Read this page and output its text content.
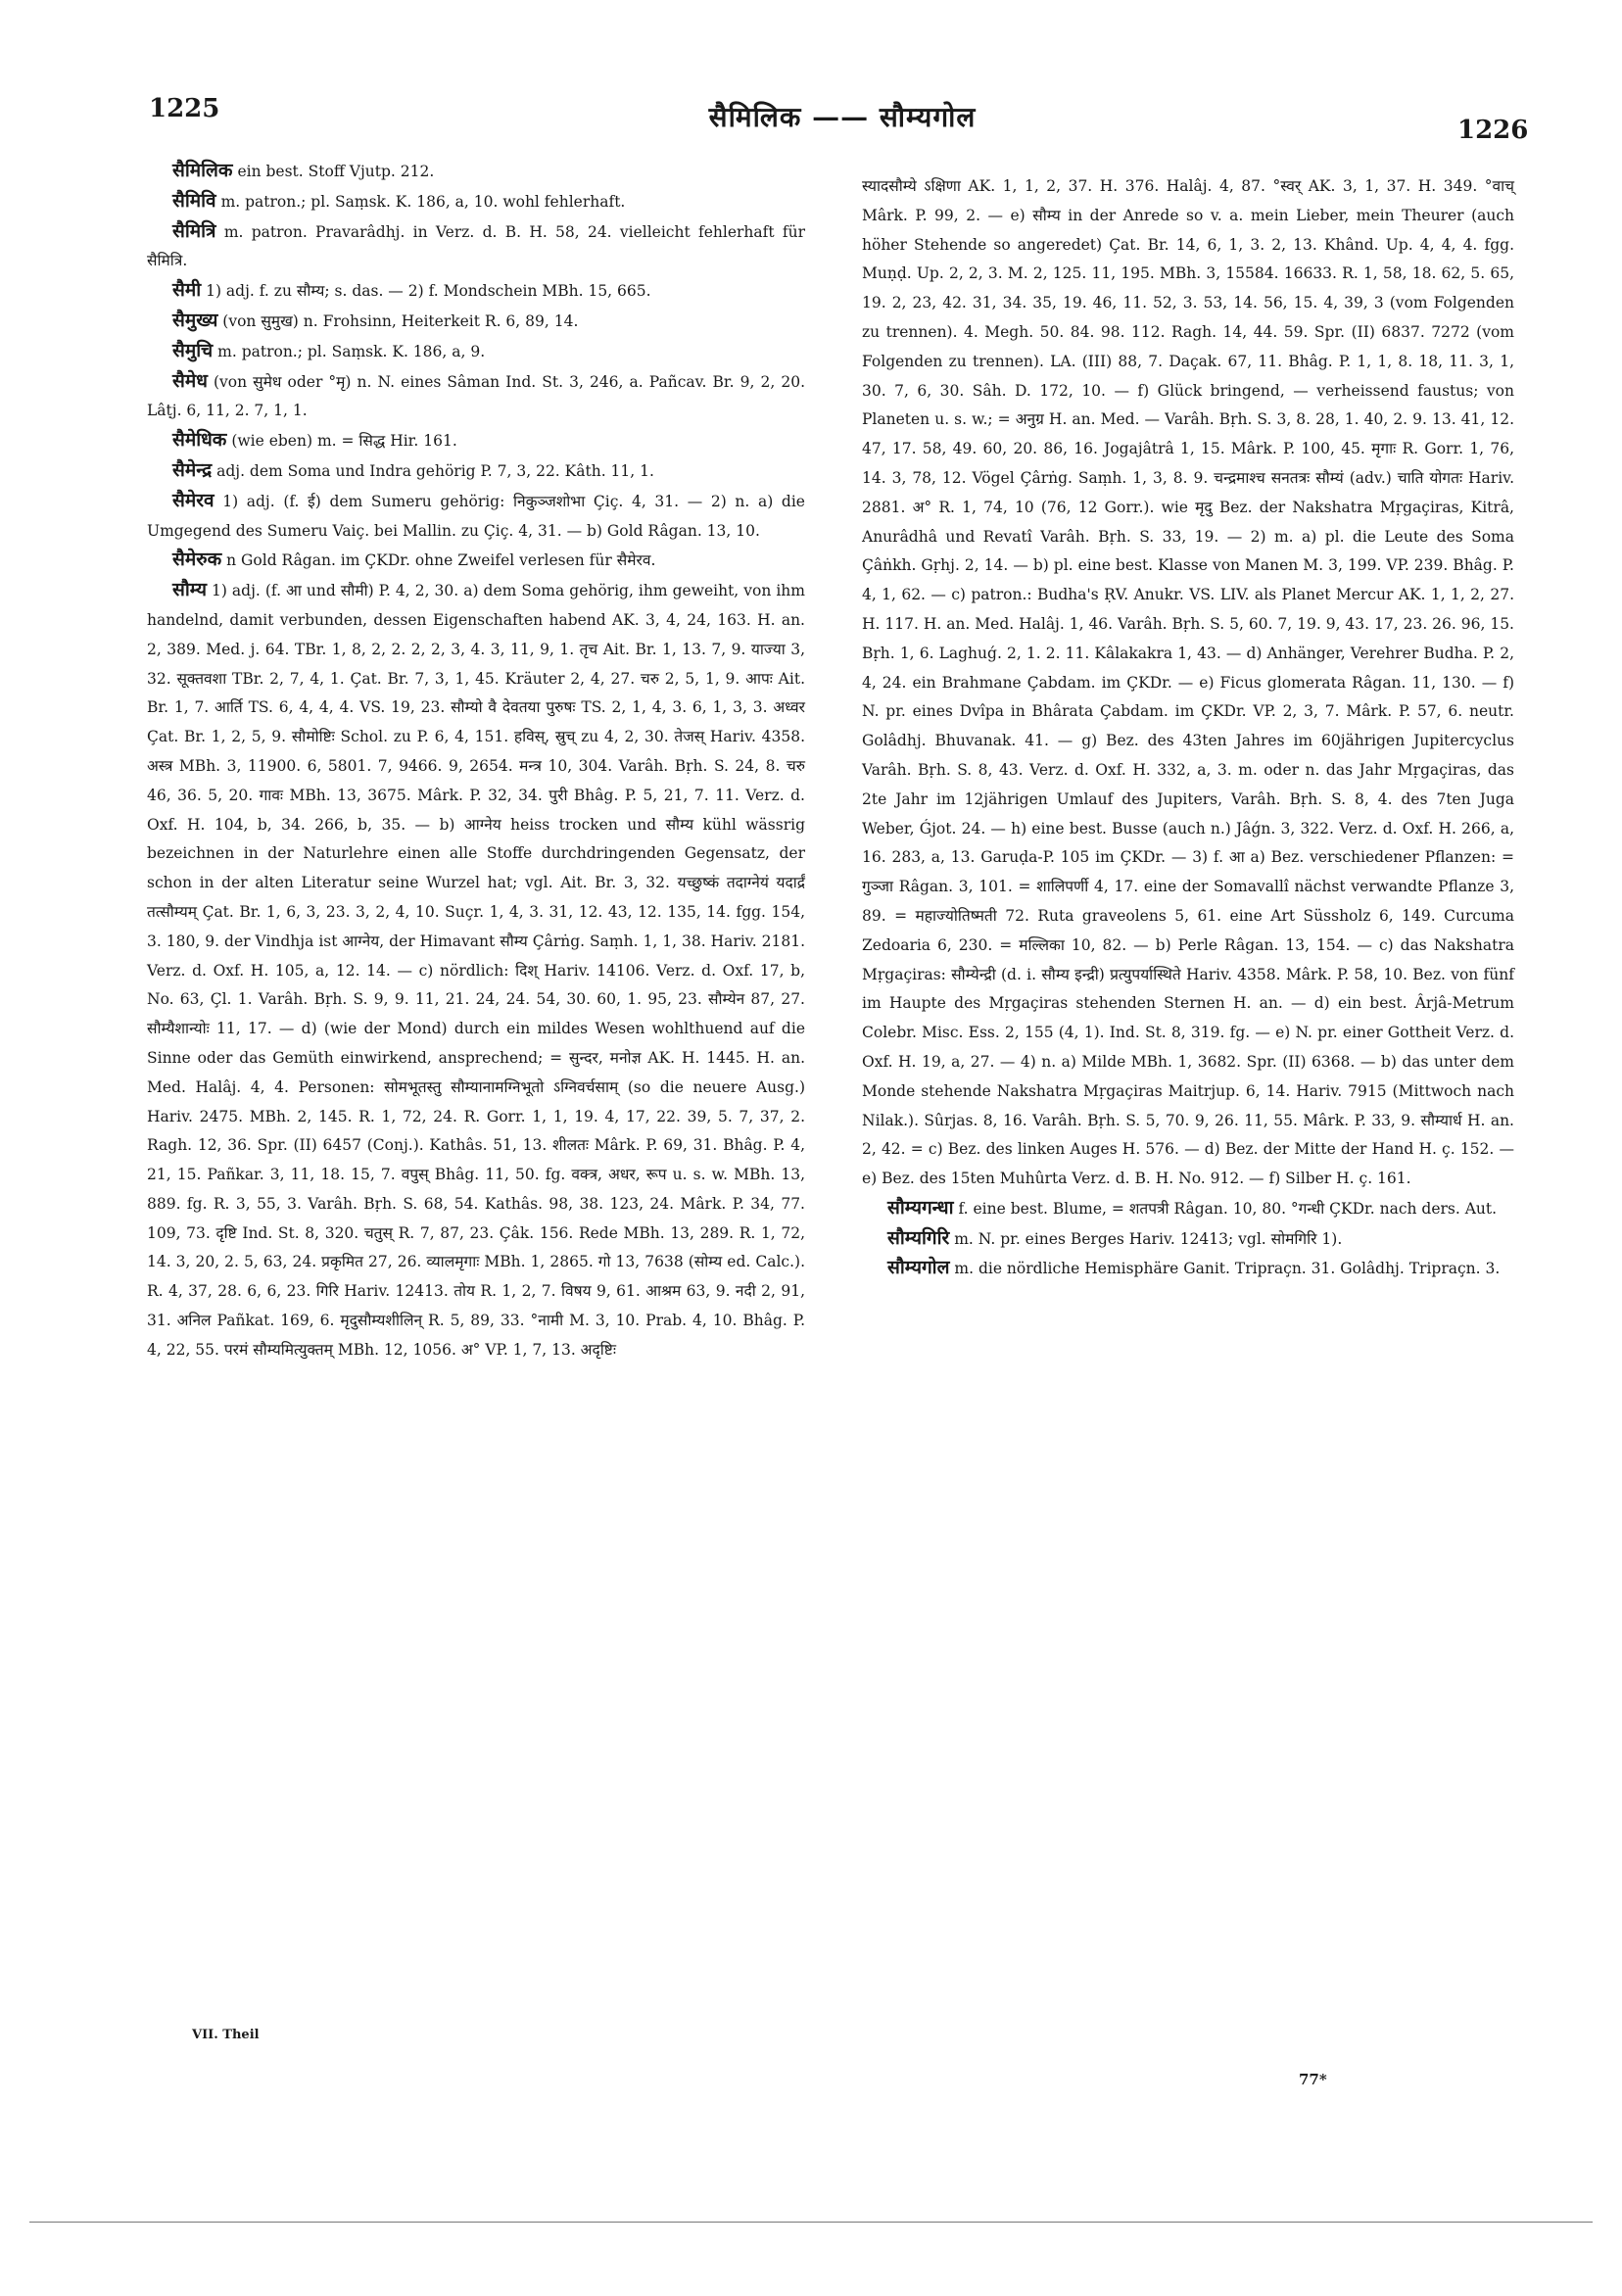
1225	सैमिलिक —— सौम्यगोल	1226

सैमिलिक ein best. Stoff Vjutp. 212.

सैमिवि m. patron.; pl. Saṃsk. K. 186, a, 10. wohl fehlerhaft.

सैमित्रि m. patron. Pravarâdhj. in Verz. d. B. H. 58, 24. vielleicht fehlerhaft für सैमित्रि.

सैमी 1) adj. f. zu सौम्य; s. das. — 2) f. Mondschein MBh. 15, 665.

सैमुख्य (von सुमुख) n. Frohsinn, Heiterkeit R. 6, 89, 14.

सैमुचि m. patron.; pl. Saṃsk. K. 186, a, 9.

सैमेध (von सुमेध oder °मृ) n. N. eines Sâman Ind. St. 3, 246, a. Pañcav. Br. 9, 2, 20. Lâṭj. 6, 11, 2. 7, 1, 1.

सैमेधिक (wie eben) m. = सिद्ध Hir. 161.

सैमेन्द्र adj. dem Soma und Indra gehörig P. 7, 3, 22. Kâth. 11, 1.

सैमेरव 1) adj. (f. ई) dem Sumeru gehörig: निकुञ्जशोभा Çiç. 4, 31. — 2) n. a) die Umgegend des Sumeru Vaiç. bei Mallin. zu Çiç. 4, 31. — b) Gold Râgan. 13, 10.

सैमेरुक n Gold Râgan. im ÇKDr. ohne Zweifel verlesen für सैमेरव.

सौम्य 1) adj. (f. आ und सौमी) P. 4, 2, 30. a) dem Soma gehörig, ihm geweiht, von ihm handelnd, damit verbunden, dessen Eigenschaften habend AK. 3, 4, 24, 163. H. an. 2, 389. Med. j. 64. TBr. 1, 8, 2, 2. 2, 2, 3, 4. 3, 11, 9, 1. तृच Ait. Br. 1, 13. 7, 9. याज्या 3, 32. सूक्तवशा TBr. 2, 7, 4, 1. Çat. Br. 7, 3, 1, 45. Kräuter 2, 4, 27. चरु 2, 5, 1, 9. आपः Ait. Br. 1, 7. आर्ति TS. 6, 4, 4, 4. VS. 19, 23. सौम्यो वै देवतया पुरुषः TS. 2, 1, 4, 3. 6, 1, 3, 3. अध्वर Çat. Br. 1, 2, 5, 9. सौमोष्टिः Schol. zu P. 6, 4, 151. हविस्, स्रुच् zu 4, 2, 30. तेजस् Hariv. 4358. अस्त्र MBh. 3, 11900. 6, 5801. 7, 9466. 9, 2654. मन्त्र 10, 304. Varâh. Bṛh. S. 24, 8. चरु 46, 36. 5, 20. गावः MBh. 13, 3675. Mârk. P. 32, 34. पुरी Bhâg. P. 5, 21, 7. 11. Verz. d. Oxf. H. 104, b, 34. 266, b, 35. — b) आग्नेय heiss trocken und सौम्य kühl wässrig bezeichnen in der Naturlehre einen alle Stoffe durchdringenden Gegensatz, der schon in der alten Literatur seine Wurzel hat; vgl. Ait. Br. 3, 32. यच्छुष्कं तदाग्नेयं यदार्द्रं तत्सौम्यम् Çat. Br. 1, 6, 3, 23. 3, 2, 4, 10. Suçr. 1, 4, 3. 31, 12. 43, 12. 135, 14. fgg. 154, 3. 180, 9. der Vindhja ist आग्नेय, der Himavant सौम्य Çârṅg. Saṃh. 1, 1, 38. Hariv. 2181. Verz. d. Oxf. H. 105, a, 12. 14. — c) nördlich: दिश् Hariv. 14106. Verz. d. Oxf. 17, b, No. 63, Çl. 1. Varâh. Bṛh. S. 9, 9. 11, 21. 24, 24. 54, 30. 60, 1. 95, 23. सौम्येन 87, 27. सौम्यैशान्योः 11, 17. — d) (wie der Mond) durch ein mildes Wesen wohlthuend auf die Sinne oder das Gemüth einwirkend, ansprechend; = सुन्दर, मनोज्ञ AK. H. 1445. H. an. Med. Halâj. 4, 4. Personen: सोमभूतस्तु सौम्यानामग्निभूतो ऽग्निवर्चसाम् (so die neuere Ausg.) Hariv. 2475. MBh. 2, 145. R. 1, 72, 24. R. Gorr. 1, 1, 19. 4, 17, 22. 39, 5. 7, 37, 2. Ragh. 12, 36. Spr. (II) 6457 (Conj.). Kathâs. 51, 13. शीलतः Mârk. P. 69, 31. Bhâg. P. 4, 21, 15. Pañkar. 3, 11, 18. 15, 7. वपुस् Bhâg. 11, 50. fg. वक्त्र, अधर, रूप u. s. w. MBh. 13, 889. fg. R. 3, 55, 3. Varâh. Bṛh. S. 68, 54. Kathâs. 98, 38. 123, 24. Mârk. P. 34, 77. 109, 73. दृष्टि Ind. St. 8, 320. चतुस् R. 7, 87, 23. Çâk. 156. Rede MBh. 13, 289. R. 1, 72, 14. 3, 20, 2. 5, 63, 24. प्रकृमित 27, 26. व्यालमृगाः MBh. 1, 2865. गो 13, 7638 (सोम्य ed. Calc.). R. 4, 37, 28. 6, 6, 23. गिरि Hariv. 12413. तोय R. 1, 2, 7. विषय 9, 61. आश्रम 63, 9. नदी 2, 91, 31. अनिल Pañkat. 169, 6. मृदुसौम्यशीलिन् R. 5, 89, 33. °नामी M. 3, 10. Prab. 4, 10. Bhâg. P. 4, 22, 55. परमं सौम्यमित्युक्तम् MBh. 12, 1056. अ° VP. 1, 7, 13. अदृष्टिः

स्यादसौम्ये ऽक्षिणा AK. 1, 1, 2, 37. H. 376. Halâj. 4, 87. °स्वर् AK. 3, 1, 37. H. 349. °वाच् Mârk. P. 99, 2. — e) सौम्य in der Anrede so v. a. mein Lieber, mein Theurer (auch höher Stehende so angeredet) Çat. Br. 14, 6, 1, 3. 2, 13. Khând. Up. 4, 4, 4. fgg. Muṇḍ. Up. 2, 2, 3. M. 2, 125. 11, 195. MBh. 3, 15584. 16633. R. 1, 58, 18. 62, 5. 65, 19. 2, 23, 42. 31, 34. 35, 19. 46, 11. 52, 3. 53, 14. 56, 15. 4, 39, 3 (vom Folgenden zu trennen). 4. Megh. 50. 84. 98. 112. Ragh. 14, 44. 59. Spr. (II) 6837. 7272 (vom Folgenden zu trennen). LA. (III) 88, 7. Daçak. 67, 11. Bhâg. P. 1, 1, 8. 18, 11. 3, 1, 30. 7, 6, 30. Sâh. D. 172, 10. — f) Glück bringend, — verheissend faustus; von Planeten u. s. w.; = अनुग्र H. an. Med. — Varâh. Bṛh. S. 3, 8. 28, 1. 40, 2. 9. 13. 41, 12. 47, 17. 58, 49. 60, 20. 86, 16. Jogajâtrâ 1, 15. Mârk. P. 100, 45. मृगाः R. Gorr. 1, 76, 14. 3, 78, 12. Vögel Çârṅg. Saṃh. 1, 3, 8. 9. चन्द्रमाश्च सनतत्रः सौम्यं (adv.) चाति योगतः Hariv. 2881. अ° R. 1, 74, 10 (76, 12 Gorr.). wie मृदु Bez. der Nakshatra Mṛgaçiras, Kitrâ, Anurâdhâ und Revatî Varâh. Bṛh. S. 33, 19. — 2) m. a) pl. die Leute des Soma Çâṅkh. Gṛhj. 2, 14. — b) pl. eine best. Klasse von Manen M. 3, 199. VP. 239. Bhâg. P. 4, 1, 62. — c) patron.: Budha's ṚV. Anukr. VS. LIV. als Planet Mercur AK. 1, 1, 2, 27. H. 117. H. an. Med. Halâj. 1, 46. Varâh. Bṛh. S. 5, 60. 7, 19. 9, 43. 17, 23. 26. 96, 15. Bṛh. 1, 6. Laghuǵ. 2, 1. 2. 11. Kâlakakra 1, 43. — d) Anhänger, Verehrer Budha. P. 2, 4, 24. ein Brahmane Çabdam. im ÇKDr. — e) Ficus glomerata Râgan. 11, 130. — f) N. pr. eines Dvîpa in Bhârata Çabdam. im ÇKDr. VP. 2, 3, 7. Mârk. P. 57, 6. neutr. Golâdhj. Bhuvanak. 41. — g) Bez. des 43ten Jahres im 60jährigen Jupitercyclus Varâh. Bṛh. S. 8, 43. Verz. d. Oxf. H. 332, a, 3. m. oder n. das Jahr Mṛgaçiras, das 2te Jahr im 12jährigen Umlauf des Jupiters, Varâh. Bṛh. S. 8, 4. des 7ten Juga Weber, Ǵjot. 24. — h) eine best. Busse (auch n.) Jâǵn. 3, 322. Verz. d. Oxf. H. 266, a, 16. 283, a, 13. Garuḍa-P. 105 im ÇKDr. — 3) f. आ a) Bez. verschiedener Pflanzen: = गुञ्जा Râgan. 3, 101. = शालिपर्णी 4, 17. eine der Somavallî nächst verwandte Pflanze 3, 89. = महाज्योतिष्मती 72. Ruta graveolens 5, 61. eine Art Süssholz 6, 149. Curcuma Zedoaria 6, 230. = मल्लिका 10, 82. — b) Perle Râgan. 13, 154. — c) das Nakshatra Mṛgaçiras: सौम्येन्द्री (d. i. सौम्य इन्द्री) प्रत्युपर्यास्थिते Hariv. 4358. Mârk. P. 58, 10. Bez. von fünf im Haupte des Mṛgaçiras stehenden Sternen H. an. — d) ein best. Ârjâ-Metrum Colebr. Misc. Ess. 2, 155 (4, 1). Ind. St. 8, 319. fg. — e) N. pr. einer Gottheit Verz. d. Oxf. H. 19, a, 27. — 4) n. a) Milde MBh. 1, 3682. Spr. (II) 6368. — b) das unter dem Monde stehende Nakshatra Mṛgaçiras Maitrjup. 6, 14. Hariv. 7915 (Mittwoch nach Nilak.). Sûrjas. 8, 16. Varâh. Bṛh. S. 5, 70. 9, 26. 11, 55. Mârk. P. 33, 9. सौम्यार्ध H. an. 2, 42. = c) Bez. des linken Auges H. 576. — d) Bez. der Mitte der Hand H. ç. 152. — e) Bez. des 15ten Muhûrta Verz. d. B. H. No. 912. — f) Silber H. ç. 161.

सौम्यगन्धा f. eine best. Blume, = शतपत्री Râgan. 10, 80. °गन्धी ÇKDr. nach ders. Aut.

सौम्यगिरि m. N. pr. eines Berges Hariv. 12413; vgl. सोमगिरि 1).

सौम्यगोल m. die nördliche Hemisphäre Ganit. Tripraçn. 31. Golâdhj. Tripraçn. 3.

VII. Theil
77*
